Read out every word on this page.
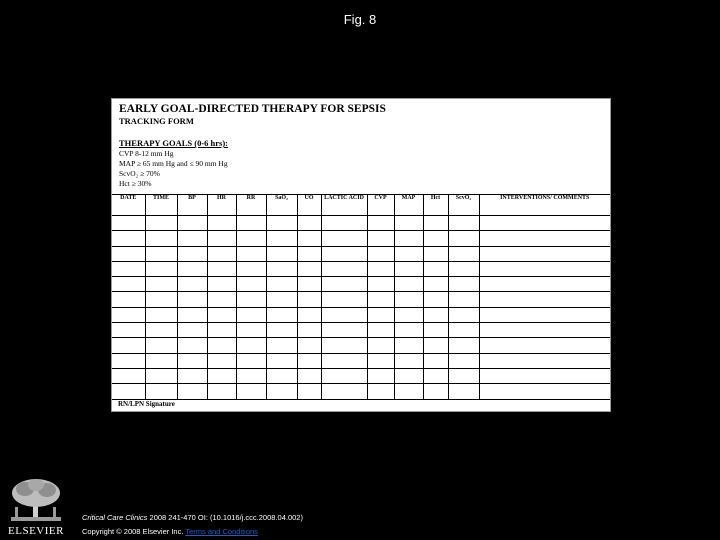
Fig. 8
EARLY GOAL-DIRECTED THERAPY FOR SEPSIS
TRACKING FORM
THERAPY GOALS (0-6 hrs):
CVP 8-12 mm Hg
MAP ≥ 65 mm Hg and ≤ 90 mm Hg
ScvO₂ ≥ 70%
Hct ≥ 30%
DATE	TIME	BP	HR	RR	SaO₂	UO	LACTIC ACID	CVP	MAP	Hct	ScvO₂	INTERVENTIONS/ COMMENTS

RN/LPN Signature
ELSEVIER
Critical Care Clinics 2008 241-470 OI: (10.1016/j.ccc.2008.04.002)
Copyright © 2008 Elsevier Inc. Terms and Conditions
